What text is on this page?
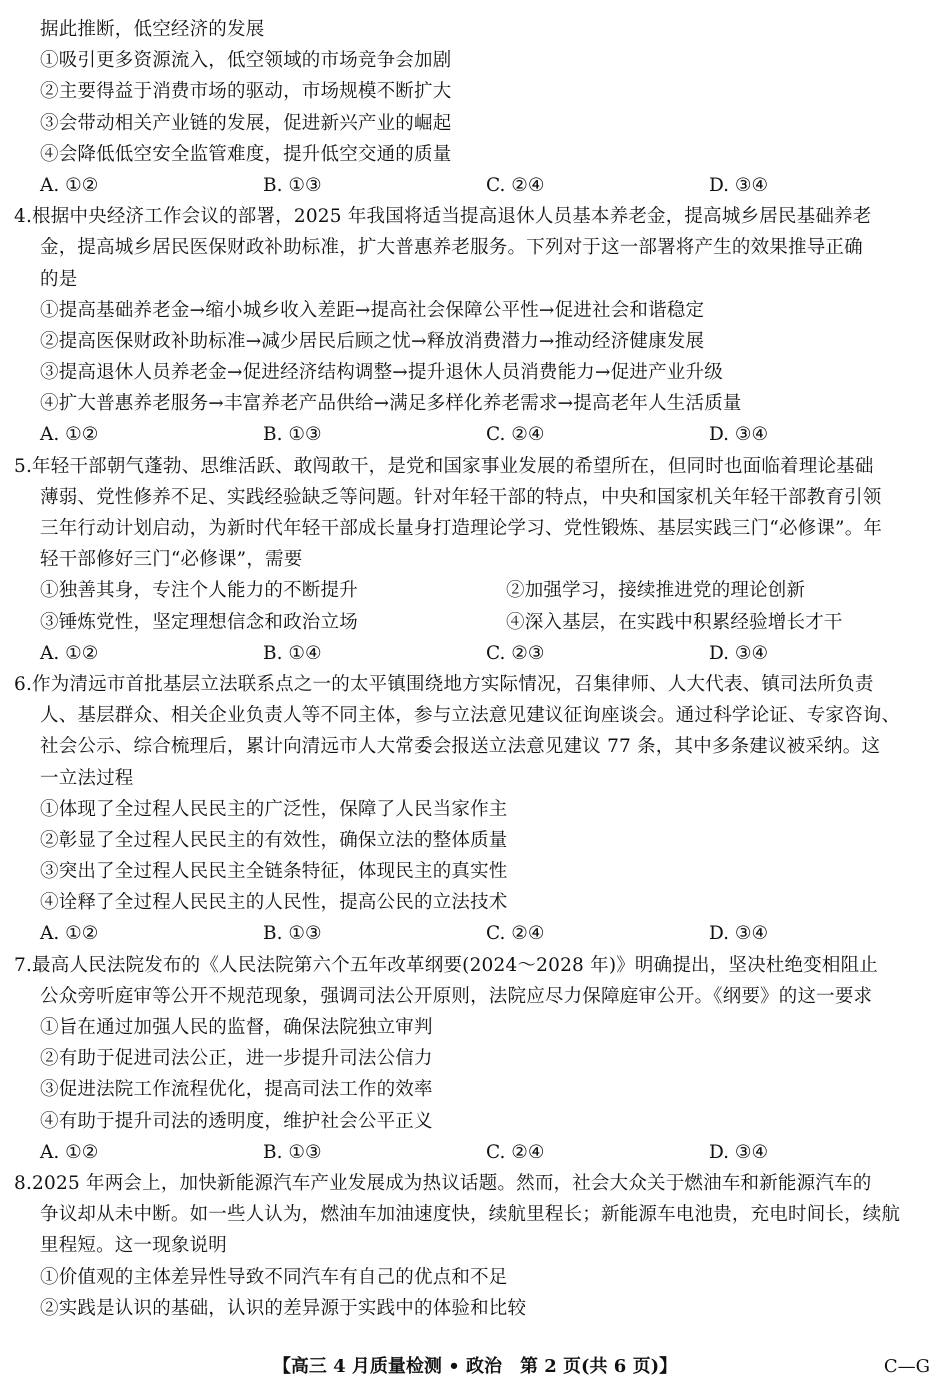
据此推断，低空经济的发展
①吸引更多资源流入，低空领域的市场竞争会加剧
②主要得益于消费市场的驱动，市场规模不断扩大
③会带动相关产业链的发展，促进新兴产业的崛起
④会降低低空安全监管难度，提升低空交通的质量
A. ①②	B. ①③	C. ②④	D. ③④
4.根据中央经济工作会议的部署，2025 年我国将适当提高退休人员基本养老金，提高城乡居民基础养老
金，提高城乡居民医保财政补助标准，扩大普惠养老服务。下列对于这一部署将产生的效果推导正确
的是
①提高基础养老金→缩小城乡收入差距→提高社会保障公平性→促进社会和谐稳定
②提高医保财政补助标准→减少居民后顾之忧→释放消费潜力→推动经济健康发展
③提高退休人员养老金→促进经济结构调整→提升退休人员消费能力→促进产业升级
④扩大普惠养老服务→丰富养老产品供给→满足多样化养老需求→提高老年人生活质量
A. ①②	B. ①③	C. ②④	D. ③④
5.年轻干部朝气蓬勃、思维活跃、敢闯敢干，是党和国家事业发展的希望所在，但同时也面临着理论基础
薄弱、党性修养不足、实践经验缺乏等问题。针对年轻干部的特点，中央和国家机关年轻干部教育引领
三年行动计划启动，为新时代年轻干部成长量身打造理论学习、党性锻炼、基层实践三门“必修课”。年
轻干部修好三门“必修课”，需要
①独善其身，专注个人能力的不断提升	②加强学习，接续推进党的理论创新
③锤炼党性，坚定理想信念和政治立场	④深入基层，在实践中积累经验增长才干
A. ①②	B. ①④	C. ②③	D. ③④
6.作为清远市首批基层立法联系点之一的太平镇围绕地方实际情况，召集律师、人大代表、镇司法所负责
人、基层群众、相关企业负责人等不同主体，参与立法意见建议征询座谈会。通过科学论证、专家咨询、
社会公示、综合梳理后，累计向清远市人大常委会报送立法意见建议 77 条，其中多条建议被采纳。这
一立法过程
①体现了全过程人民民主的广泛性，保障了人民当家作主
②彰显了全过程人民民主的有效性，确保立法的整体质量
③突出了全过程人民民主全链条特征，体现民主的真实性
④诠释了全过程人民民主的人民性，提高公民的立法技术
A. ①②	B. ①③	C. ②④	D. ③④
7.最高人民法院发布的《人民法院第六个五年改革纲要(2024～2028 年)》明确提出，坚决杜绝变相阻止
公众旁听庭审等公开不规范现象，强调司法公开原则，法院应尽力保障庭审公开。《纲要》的这一要求
①旨在通过加强人民的监督，确保法院独立审判
②有助于促进司法公正，进一步提升司法公信力
③促进法院工作流程优化，提高司法工作的效率
④有助于提升司法的透明度，维护社会公平正义
A. ①②	B. ①③	C. ②④	D. ③④
8.2025 年两会上，加快新能源汽车产业发展成为热议话题。然而，社会大众关于燃油车和新能源汽车的
争议却从未中断。如一些人认为，燃油车加油速度快，续航里程长；新能源车电池贵，充电时间长，续航
里程短。这一现象说明
①价值观的主体差异性导致不同汽车有自己的优点和不足
②实践是认识的基础，认识的差异源于实践中的体验和比较
【高三 4 月质量检测 • 政治　第 2 页(共 6 页)】	C—G
